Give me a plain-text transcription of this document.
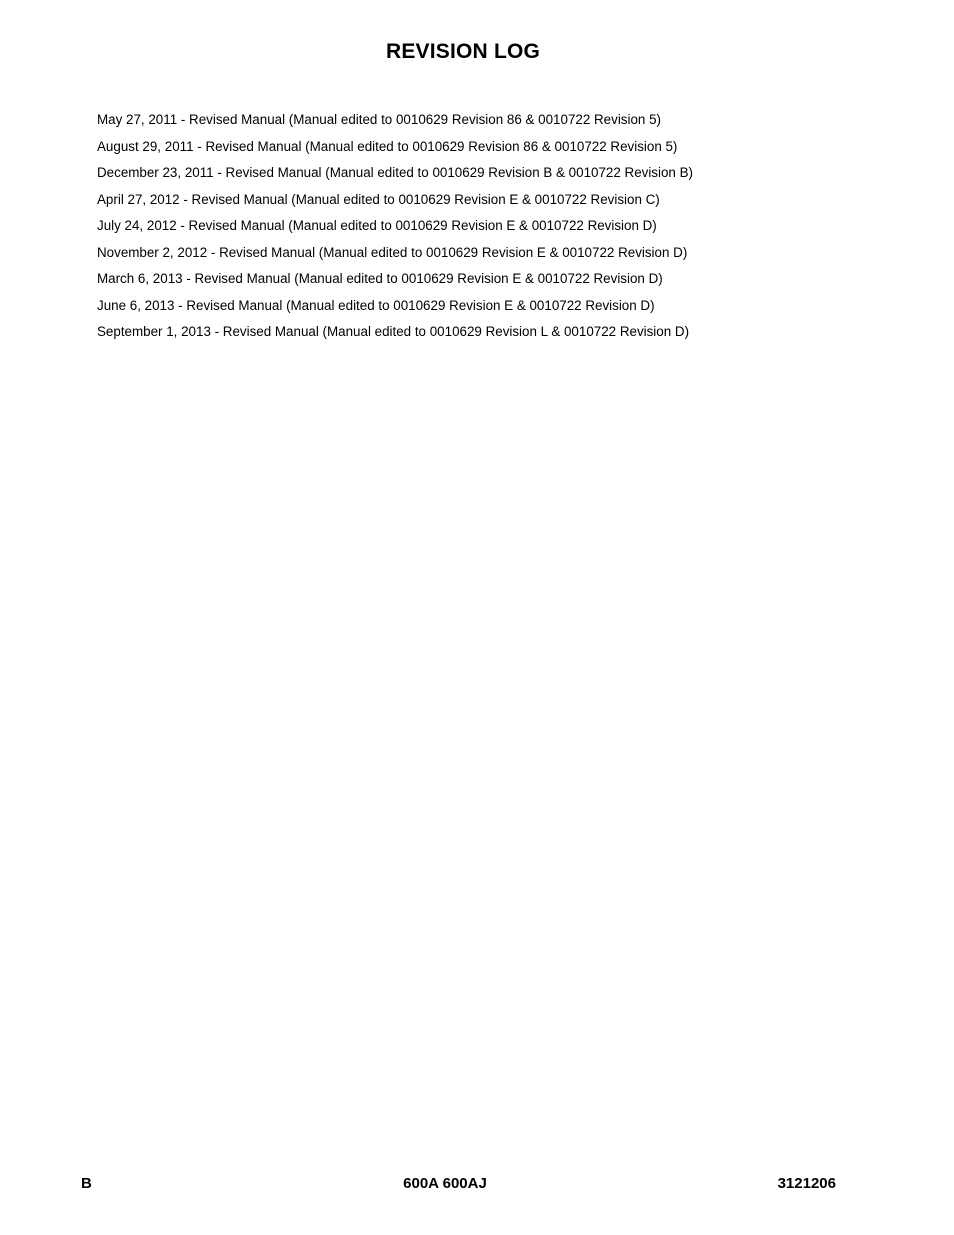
REVISION LOG
May 27, 2011 - Revised Manual (Manual edited to 0010629 Revision 86 & 0010722 Revision 5)
August 29, 2011 - Revised Manual (Manual edited to 0010629 Revision 86 & 0010722 Revision 5)
December 23, 2011 - Revised Manual (Manual edited to 0010629 Revision B & 0010722 Revision B)
April 27, 2012 - Revised Manual (Manual edited to 0010629 Revision E & 0010722 Revision C)
July 24, 2012 - Revised Manual (Manual edited to 0010629 Revision E & 0010722 Revision D)
November 2, 2012 - Revised Manual (Manual edited to 0010629 Revision E & 0010722 Revision D)
March 6, 2013 - Revised Manual (Manual edited to 0010629 Revision E & 0010722 Revision D)
June 6, 2013 - Revised Manual (Manual edited to 0010629 Revision E & 0010722 Revision D)
September 1, 2013 - Revised Manual (Manual edited to 0010629 Revision L & 0010722 Revision D)
B	600A 600AJ	3121206
